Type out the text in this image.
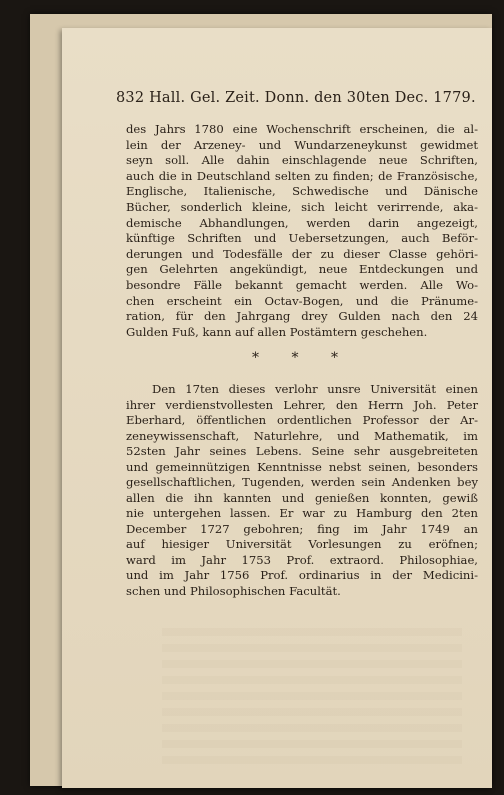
832 Hall. Gel. Zeit. Donn. den 30ten Dec. 1779.
des Jahrs 1780 eine Wochenschrift erscheinen, die al-
lein der Arzeney- und Wundarzeneykunst gewidmet
seyn soll. Alle dahin einschlagende neue Schriften,
auch die in Deutschland selten zu finden; de Französische,
Englische, Italienische, Schwedische und Dänische
Bücher, sonderlich kleine, sich leicht verirrende, aka-
demische Abhandlungen, werden darin angezeigt,
künftige Schriften und Uebersetzungen, auch Beför-
derungen und Todesfälle der zu dieser Classe gehöri-
gen Gelehrten angekündigt, neue Entdeckungen und
besondre Fälle bekannt gemacht werden. Alle Wo-
chen erscheint ein Octav-Bogen, und die Pränume-
ration, für den Jahrgang drey Gulden nach den 24
Gulden Fuß, kann auf allen Postämtern geschehen.
* * *
Den 17ten dieses verlohr unsre Universität einen
ihrer verdienstvollesten Lehrer, den Herrn Joh. Peter
Eberhard, öffentlichen ordentlichen Professor der Ar-
zeneywissenschaft, Naturlehre, und Mathematik, im
52sten Jahr seines Lebens. Seine sehr ausgebreiteten
und gemeinnützigen Kenntnisse nebst seinen, besonders
gesellschaftlichen, Tugenden, werden sein Andenken bey
allen die ihn kannten und genießen konnten, gewiß
nie untergehen lassen. Er war zu Hamburg den 2ten
December 1727 gebohren; fing im Jahr 1749 an
auf hiesiger Universität Vorlesungen zu eröfnen;
ward im Jahr 1753 Prof. extraord. Philosophiae,
und im Jahr 1756 Prof. ordinarius in der Medicini-
schen und Philosophischen Facultät.
